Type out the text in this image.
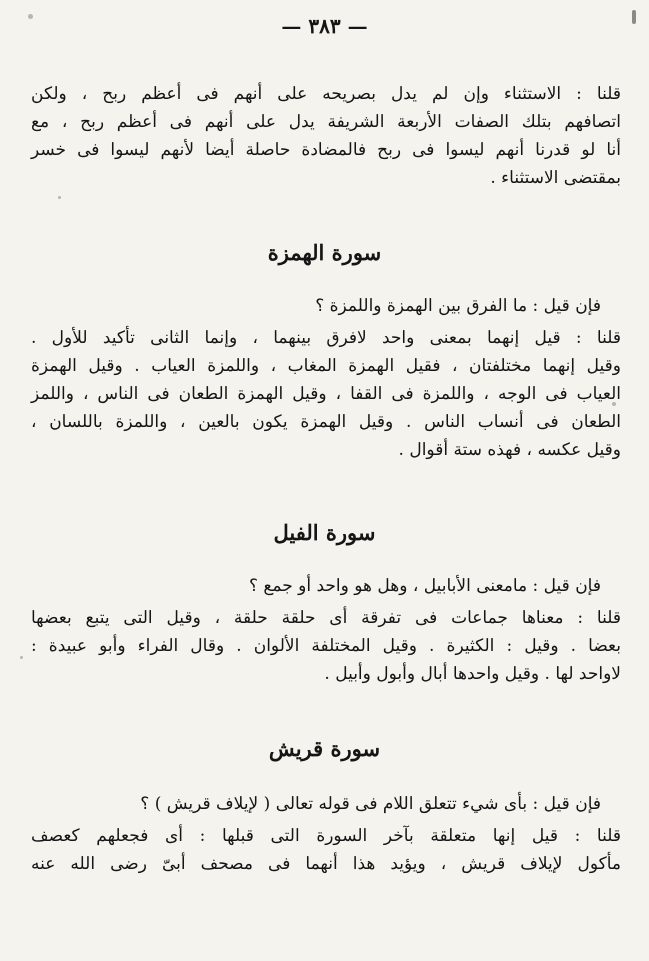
— ٣٨٣ —
قلنا : الاستثناء وإن لم يدل بصريحه على أنهم فى أعظم ربح ، ولكن
اتصافهم بتلك الصفات الأربعة الشريفة يدل على أنهم فى أعظم ربح ، مع
أنا لو قدرنا أنهم ليسوا فى ربح فالمضادة حاصلة أيضا لأنهم ليسوا فى خسر
بمقتضى الاستثناء .
سورة الهمزة
فإن قيل : ما الفرق بين الهمزة واللمزة ؟
قلنا : قيل إنهما بمعنى واحد لافرق بينهما ، وإنما الثانى تأكيد للأول .
وقيل إنهما مختلفتان ، فقيل الهمزة المغاب ، واللمزة العياب . وقيل الهمزة
العياب فى الوجه ، واللمزة فى القفا ، وقيل الهمزة الطعان فى الناس ، واللمز
الطعان فى أنساب الناس . وقيل الهمزة يكون بالعين ، واللمزة باللسان ،
وقيل عكسه ، فهذه ستة أقوال .
سورة الفيل
فإن قيل : مامعنى الأبابيل ، وهل هو واحد أو جمع ؟
قلنا : معناها جماعات فى تفرقة أى حلقة حلقة ، وقيل التى يتبع بعضها
بعضا . وقيل : الكثيرة . وقيل المختلفة الألوان . وقال الفراء وأبو عبيدة :
لاواحد لها . وقيل واحدها أبال وأبول وأبيل .
سورة قريش
فإن قيل : بأى شيء تتعلق اللام فى قوله تعالى ( لإيلاف قريش ) ؟
قلنا : قيل إنها متعلقة بآخر السورة التى قبلها : أى فجعلهم كعصف
مأكول لإيلاف قريش ، ويؤيد هذا أنهما فى مصحف أبىّ رضى الله عنه
